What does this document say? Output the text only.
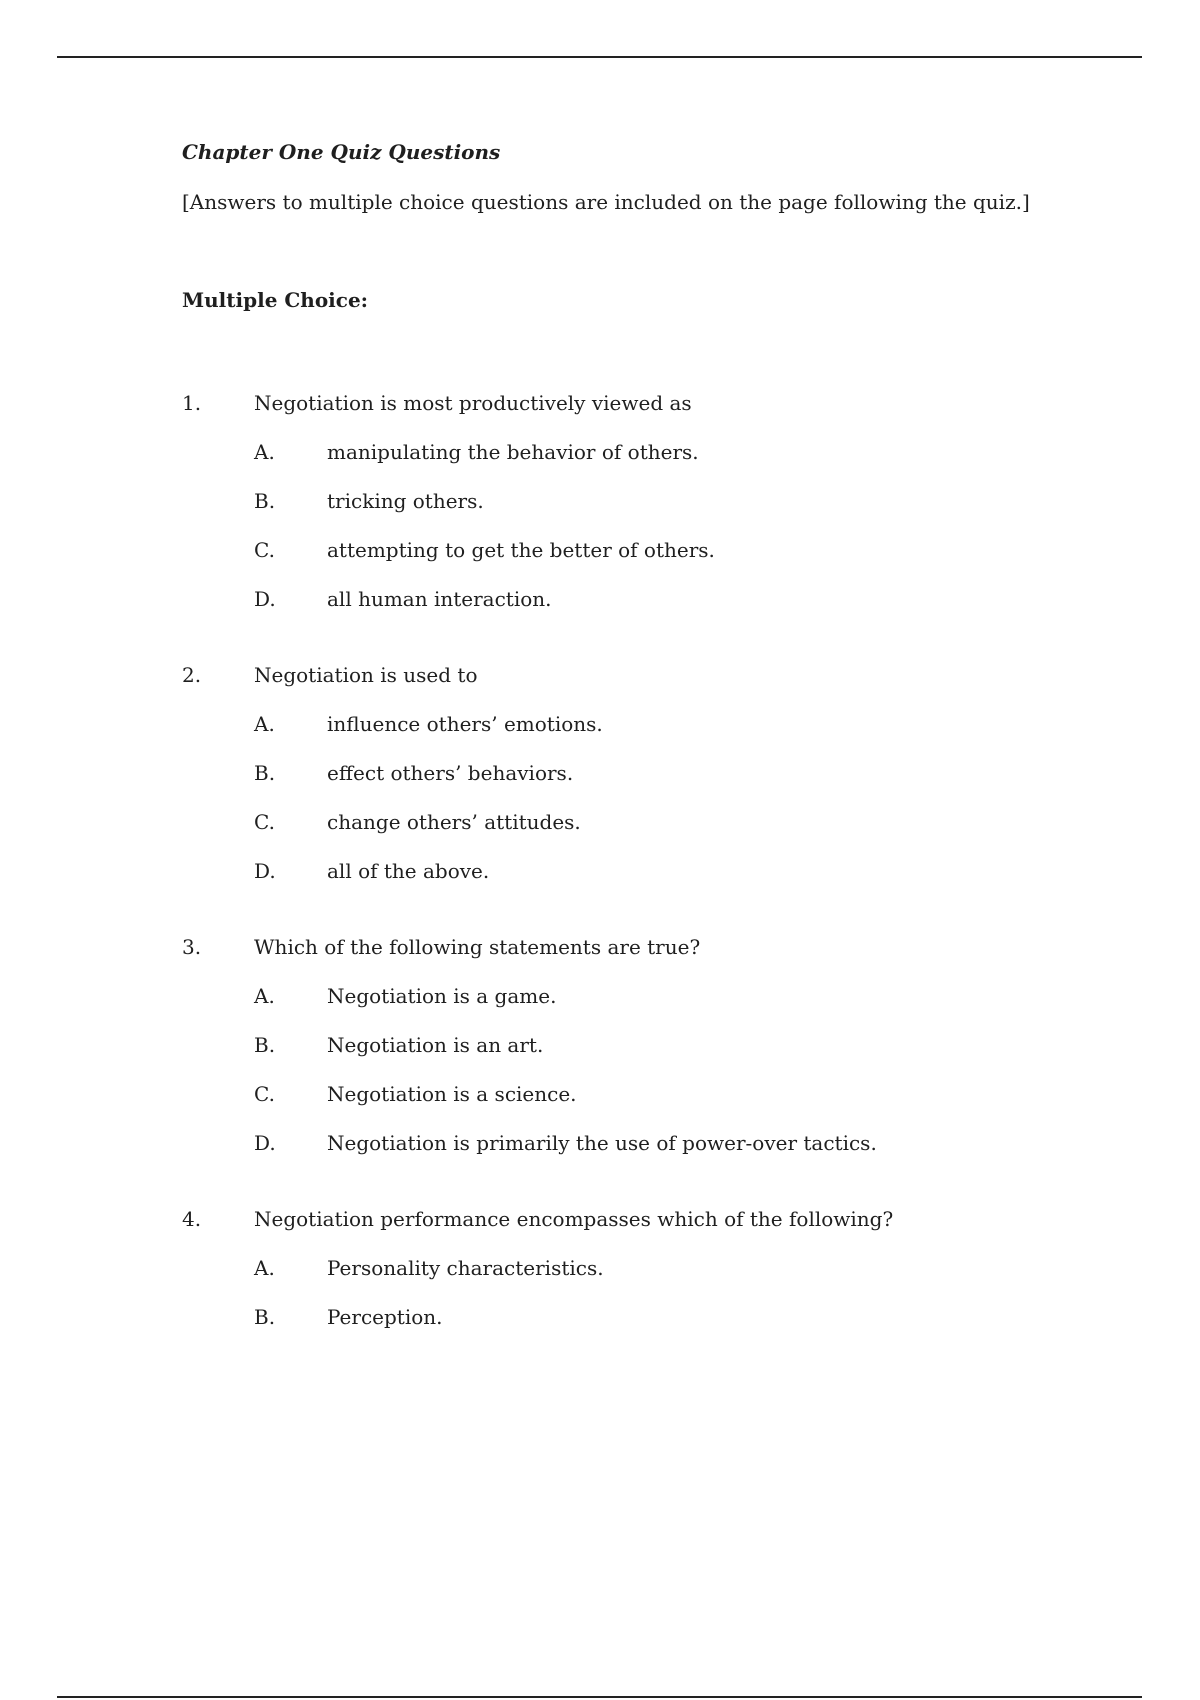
Chapter One Quiz Questions
[Answers to multiple choice questions are included on the page following the quiz.]
Multiple Choice:
1.	Negotiation is most productively viewed as
A.	manipulating the behavior of others.
B.	tricking others.
C.	attempting to get the better of others.
D.	all human interaction.
2.	Negotiation is used to
A.	influence others’ emotions.
B.	effect others’ behaviors.
C.	change others’ attitudes.
D.	all of the above.
3.	Which of the following statements are true?
A.	Negotiation is a game.
B.	Negotiation is an art.
C.	Negotiation is a science.
D.	Negotiation is primarily the use of power-over tactics.
4.	Negotiation performance encompasses which of the following?
A.	Personality characteristics.
B.	Perception.
